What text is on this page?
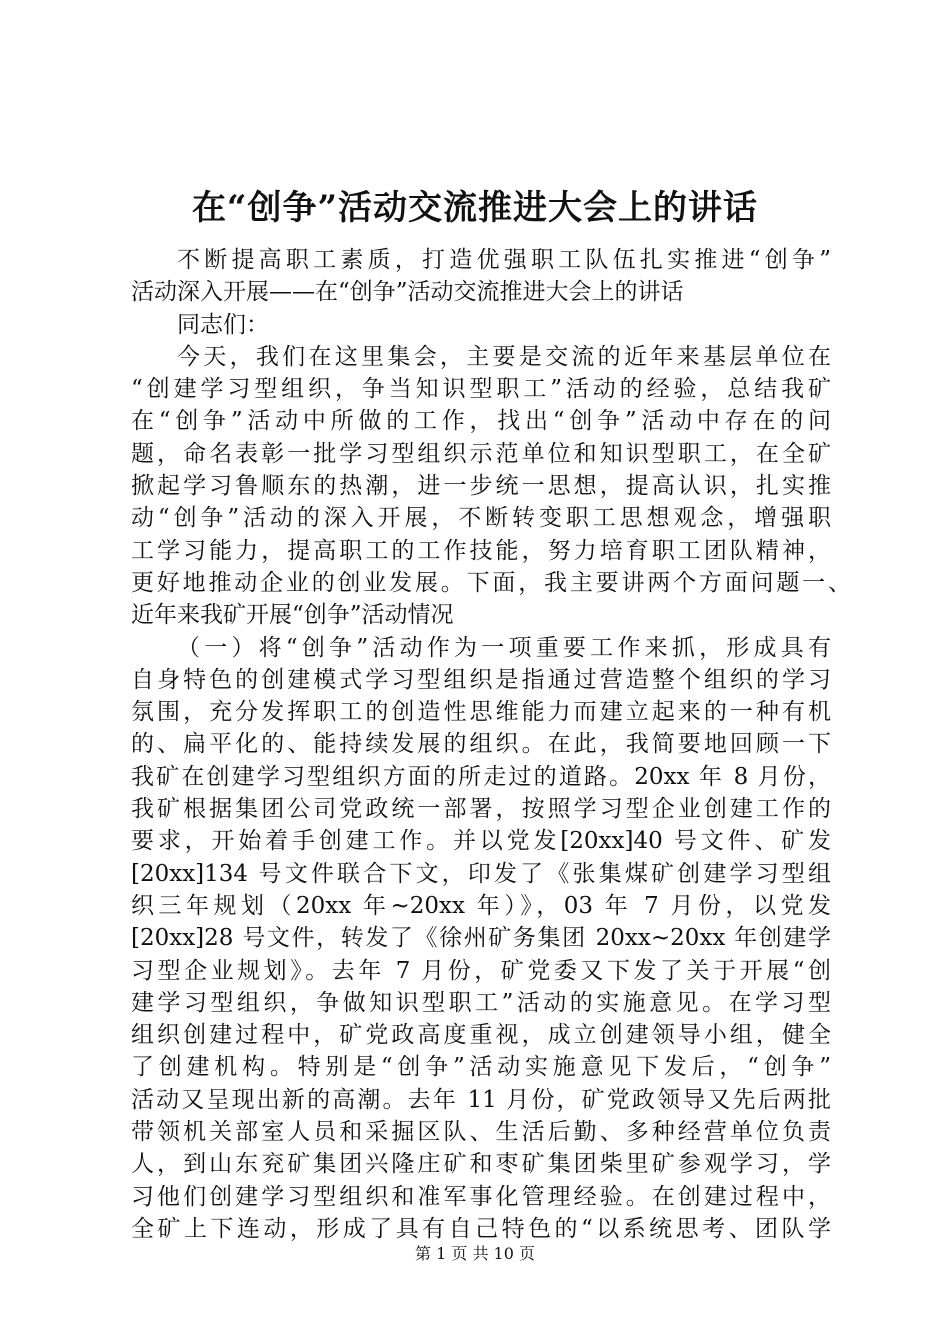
在“创争”活动交流推进大会上的讲话
不断提高职工素质，打造优强职工队伍扎实推进“创争”
活动深入开展——在“创争”活动交流推进大会上的讲话
同志们：
今天，我们在这里集会，主要是交流的近年来基层单位在
“创建学习型组织，争当知识型职工”活动的经验，总结我矿
在“创争”活动中所做的工作，找出“创争”活动中存在的问
题，命名表彰一批学习型组织示范单位和知识型职工，在全矿
掀起学习鲁顺东的热潮，进一步统一思想，提高认识，扎实推
动“创争”活动的深入开展，不断转变职工思想观念，增强职
工学习能力，提高职工的工作技能，努力培育职工团队精神，
更好地推动企业的创业发展。下面，我主要讲两个方面问题一、
近年来我矿开展“创争”活动情况
（一）将“创争”活动作为一项重要工作来抓，形成具有
自身特色的创建模式学习型组织是指通过营造整个组织的学习
氛围，充分发挥职工的创造性思维能力而建立起来的一种有机
的、扁平化的、能持续发展的组织。在此，我简要地回顾一下
我矿在创建学习型组织方面的所走过的道路。20xx 年 8 月份，
我矿根据集团公司党政统一部署，按照学习型企业创建工作的
要求，开始着手创建工作。并以党发[20xx]40 号文件、矿发
[20xx]134 号文件联合下文，印发了《张集煤矿创建学习型组
织三年规划（20xx 年~20xx 年）》，03 年 7 月份，以党发
[20xx]28 号文件，转发了《徐州矿务集团 20xx~20xx 年创建学
习型企业规划》。去年 7 月份，矿党委又下发了关于开展“创
建学习型组织，争做知识型职工”活动的实施意见。在学习型
组织创建过程中，矿党政高度重视，成立创建领导小组，健全
了创建机构。特别是“创争”活动实施意见下发后，“创争”
活动又呈现出新的高潮。去年 11 月份，矿党政领导又先后两批
带领机关部室人员和采掘区队、生活后勤、多种经营单位负责
人，到山东兖矿集团兴隆庄矿和枣矿集团柴里矿参观学习，学
习他们创建学习型组织和准军事化管理经验。在创建过程中，
全矿上下连动，形成了具有自己特色的“以系统思考、团队学
第 1 页 共 10 页
